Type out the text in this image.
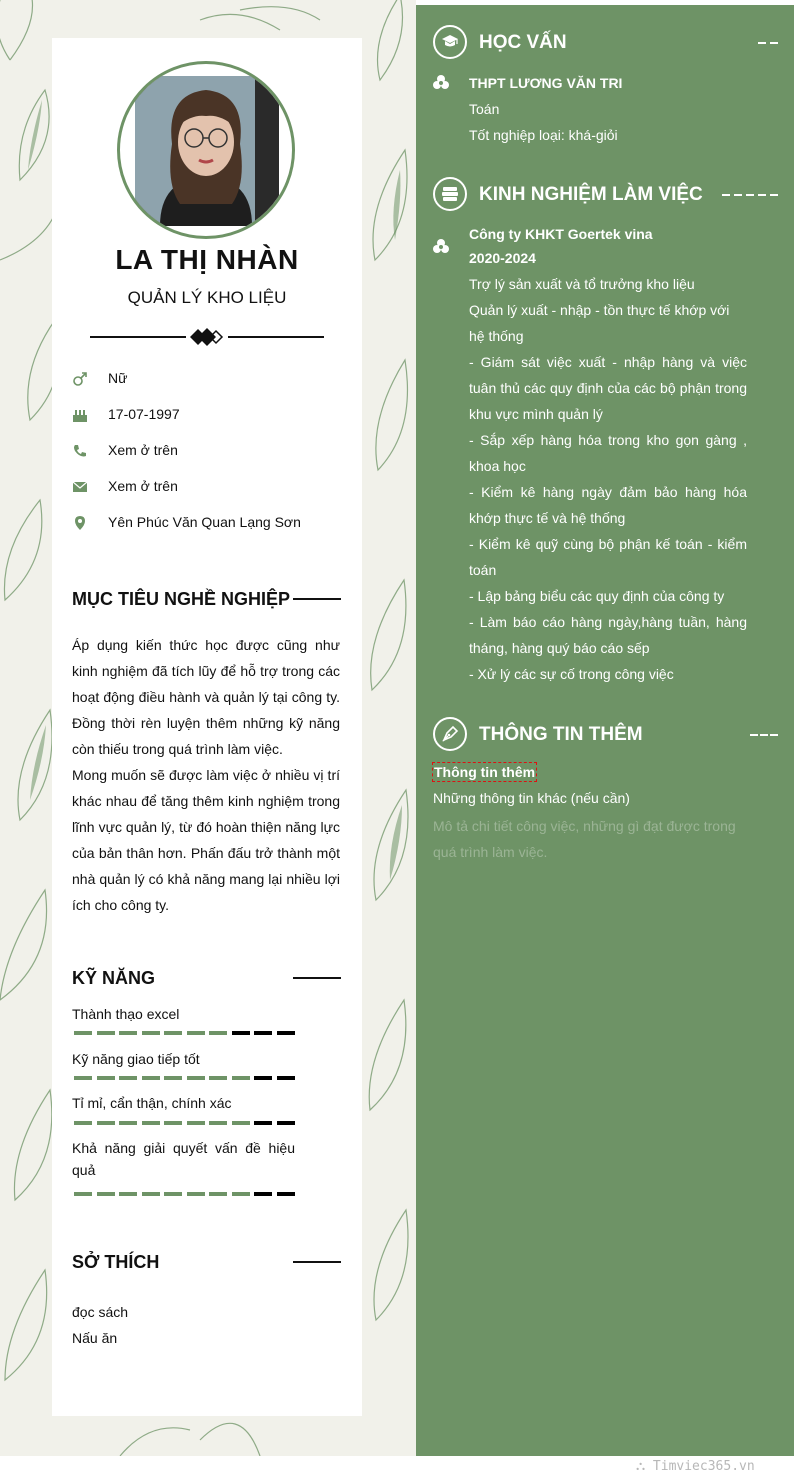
LA THỊ NHÀN
QUẢN LÝ KHO LIỆU
Nữ
17-07-1997
Xem ở trên
Xem ở trên
Yên Phúc Văn Quan Lạng Sơn
MỤC TIÊU NGHỀ NGHIỆP
Áp dụng kiến thức học được cũng như kinh nghiệm đã tích lũy để hỗ trợ trong các hoạt động điều hành và quản lý tại công ty. Đồng thời rèn luyện thêm những kỹ năng còn thiếu trong quá trình làm việc.
Mong muốn sẽ được làm việc ở nhiều vị trí khác nhau để tăng thêm kinh nghiệm trong lĩnh vực quản lý, từ đó hoàn thiện năng lực của bản thân hơn. Phấn đấu trở thành một nhà quản lý có khả năng mang lại nhiều lợi ích cho công ty.
KỸ NĂNG
Thành thạo excel
Kỹ năng giao tiếp tốt
Tỉ mỉ, cẩn thận, chính xác
Khả năng giải quyết vấn đề hiệu quả
SỞ THÍCH
đọc sách
Nấu ăn
HỌC VẤN
THPT LƯƠNG VĂN TRI
Toán
Tốt nghiệp loại: khá-giỏi
KINH NGHIỆM LÀM VIỆC
Công ty KHKT Goertek vina
2020-2024
Trợ lý sản xuất và tổ trưởng kho liệu
Quản lý xuất - nhập - tồn thực tế khớp với hệ thống
- Giám sát việc xuất - nhập hàng và việc tuân thủ các quy định của các bộ phận trong khu vực mình quản lý
- Sắp xếp hàng hóa trong kho gọn gàng , khoa học
- Kiểm kê hàng ngày đảm bảo hàng hóa khớp thực tế và hệ thống
- Kiểm kê quỹ cùng bộ phận kế toán - kiểm toán
- Lập bảng biểu các quy định của công ty
- Làm báo cáo hàng ngày,hàng tuần, hàng tháng, hàng quý báo cáo sếp
- Xử lý các sự cố trong công việc
THÔNG TIN THÊM
Thông tin thêm
Những thông tin khác (nếu cần)
Mô tả chi tiết công việc, những gì đạt được trong quá trình làm việc.
⛬ Timviec365.vn
